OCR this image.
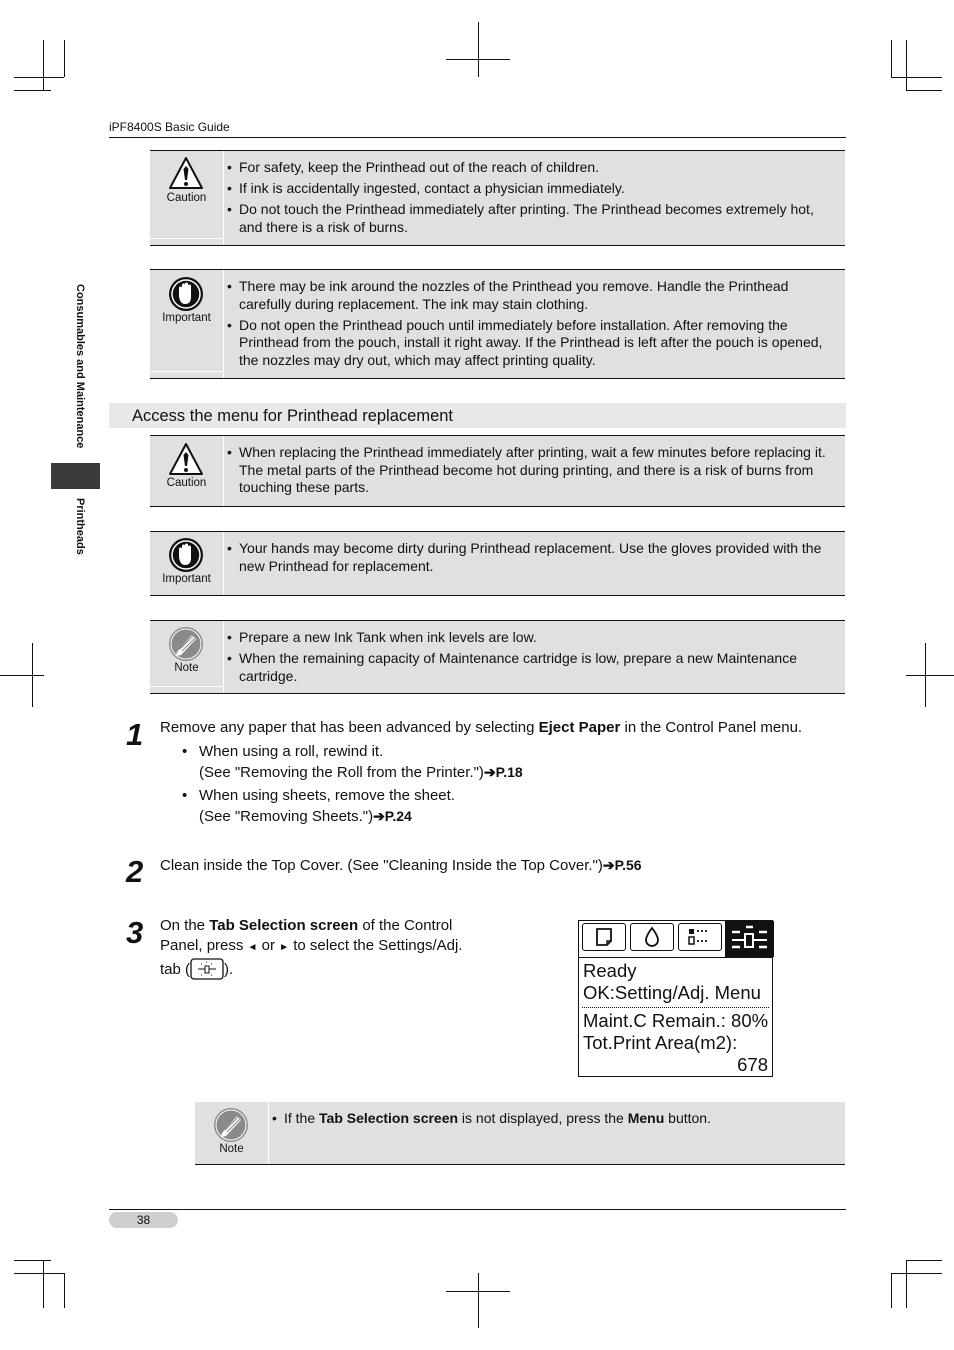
iPF8400S Basic Guide
Consumables and Maintenance
Printheads
Caution
• For safety, keep the Printhead out of the reach of children.
• If ink is accidentally ingested, contact a physician immediately.
• Do not touch the Printhead immediately after printing. The Printhead becomes extremely hot, and there is a risk of burns.
Important
• There may be ink around the nozzles of the Printhead you remove. Handle the Printhead carefully during replacement. The ink may stain clothing.
• Do not open the Printhead pouch until immediately before installation. After removing the Printhead from the pouch, install it right away. If the Printhead is left after the pouch is opened, the nozzles may dry out, which may affect printing quality.
Access the menu for Printhead replacement
Caution
• When replacing the Printhead immediately after printing, wait a few minutes before replacing it. The metal parts of the Printhead become hot during printing, and there is a risk of burns from touching these parts.
Important
• Your hands may become dirty during Printhead replacement. Use the gloves provided with the new Printhead for replacement.
Note
• Prepare a new Ink Tank when ink levels are low.
• When the remaining capacity of Maintenance cartridge is low, prepare a new Maintenance cartridge.
1 Remove any paper that has been advanced by selecting Eject Paper in the Control Panel menu.
• When using a roll, rewind it.
(See "Removing the Roll from the Printer.")➔P.18
• When using sheets, remove the sheet.
(See "Removing Sheets.")➔P.24
2 Clean inside the Top Cover. (See "Cleaning Inside the Top Cover.")➔P.56
3 On the Tab Selection screen of the Control
Panel, press ◄ or ► to select the Settings/Adj.
tab ( ).	Ready
OK:Setting/Adj. Menu
Maint.C Remain.: 80%
Tot.Print Area(m2):
678
Note
• If the Tab Selection screen is not displayed, press the Menu button.
38
